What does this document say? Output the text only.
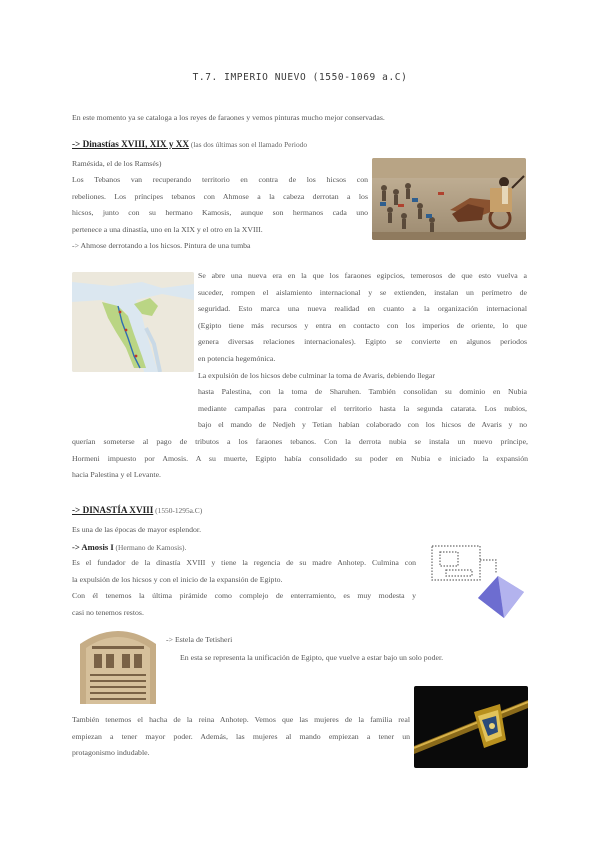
T.7. IMPERIO NUEVO (1550-1069 a.C)
En este momento ya se cataloga a los reyes de faraones y vemos pinturas mucho mejor conservadas.
-> Dinastías XVIII, XIX y XX (las dos últimas son el llamado Periodo
Ramésida, el de los Ramsés)
Los Tebanos van recuperando territorio en contra de los hicsos con
rebeliones. Los príncipes tebanos con Ahmose a la cabeza derrotan a los
hicsos, junto con su hermano Kamosis, aunque son hermanos cada uno
pertenece a una dinastía, uno en la XIX y el otro en la XVIII.
-> Ahmose derrotando a los hicsos. Pintura de una tumba
Se abre una nueva era en la que los faraones egipcios, temerosos de que esto vuelva a
suceder, rompen el aislamiento internacional y se extienden, instalan un perímetro de
seguridad. Esto marca una nueva realidad en cuanto a la organización internacional
(Egipto tiene más recursos y entra en contacto con los imperios de oriente, lo que
genera diversas relaciones internacionales). Egipto se convierte en algunos periodos
en potencia hegemónica.
La expulsión de los hicsos debe culminar la toma de Avaris, debiendo llegar
hasta Palestina, con la toma de Sharuhen. También consolidan su dominio en Nubia
mediante campañas para controlar el territorio hasta la segunda catarata. Los nubios,
bajo el mando de Nedjeh y Tetian habían colaborado con los hicsos de Avaris y no
querían someterse al pago de tributos a los faraones tebanos. Con la derrota nubia se instala un nuevo príncipe,
Hormeni impuesto por Amosis. A su muerte, Egipto había consolidado su poder en Nubia e iniciado la expansión
hacia Palestina y el Levante.
-> DINASTÍA XVIII (1550-1295a.C)
Es una de las épocas de mayor esplendor.
-> Amosis I (Hermano de Kamosis).
Es el fundador de la dinastía XVIII y tiene la regencia de su madre Anhotep. Culmina con
la expulsión de los hicsos y con el inicio de la expansión de Egipto.
Con él tenemos la última pirámide como complejo de enterramiento, es muy modesta y
casi no tenemos restos.
-> Estela de Tetisheri
En esta se representa la unificación de Egipto, que vuelve a estar bajo un solo poder.
También tenemos el hacha de la reina Anhotep. Vemos que las mujeres de la familia real
empiezan a tener mayor poder. Además, las mujeres al mando empiezan a tener un
protagonismo indudable.
